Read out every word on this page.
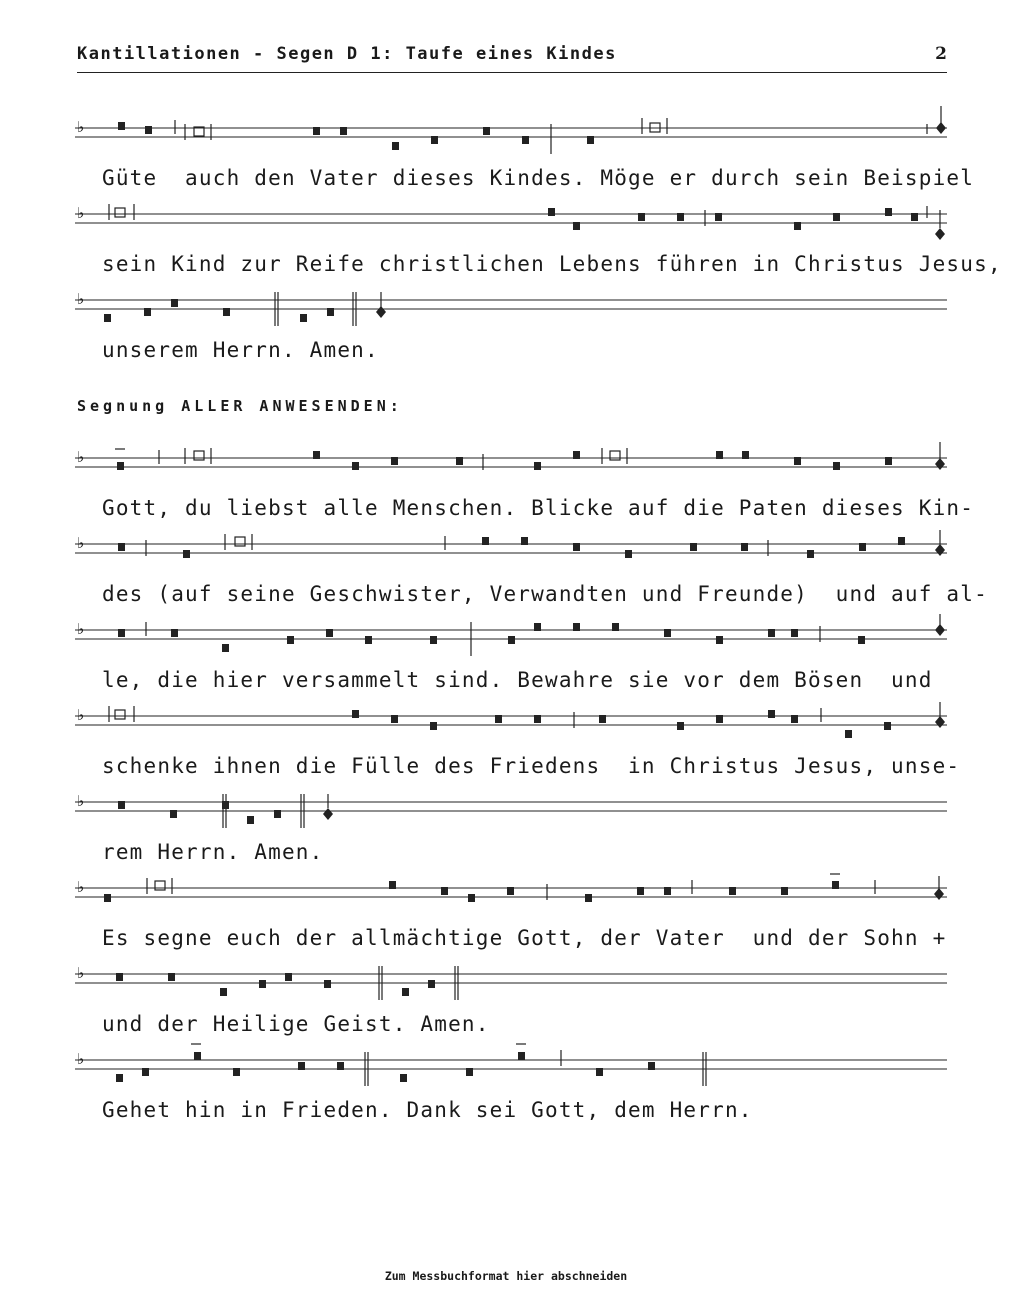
Kantillationen - Segen D 1: Taufe eines Kindes	2
♭
Güte  auch den Vater dieses Kindes. Möge er durch sein Beispiel
♭
sein Kind zur Reife christlichen Lebens führen in Christus Jesus,
♭
unserem Herrn. Amen.
Segnung ALLER ANWESENDEN:
♭
Gott, du liebst alle Menschen. Blicke auf die Paten dieses Kin-
♭
des (auf seine Geschwister, Verwandten und Freunde)  und auf al-
♭
le, die hier versammelt sind. Bewahre sie vor dem Bösen  und
♭
schenke ihnen die Fülle des Friedens  in Christus Jesus, unse-
♭
rem Herrn. Amen.
♭
Es segne euch der allmächtige Gott, der Vater  und der Sohn +
♭
und der Heilige Geist. Amen.
♭
Gehet hin in Frieden. Dank sei Gott, dem Herrn.
Zum Messbuchformat hier abschneiden
